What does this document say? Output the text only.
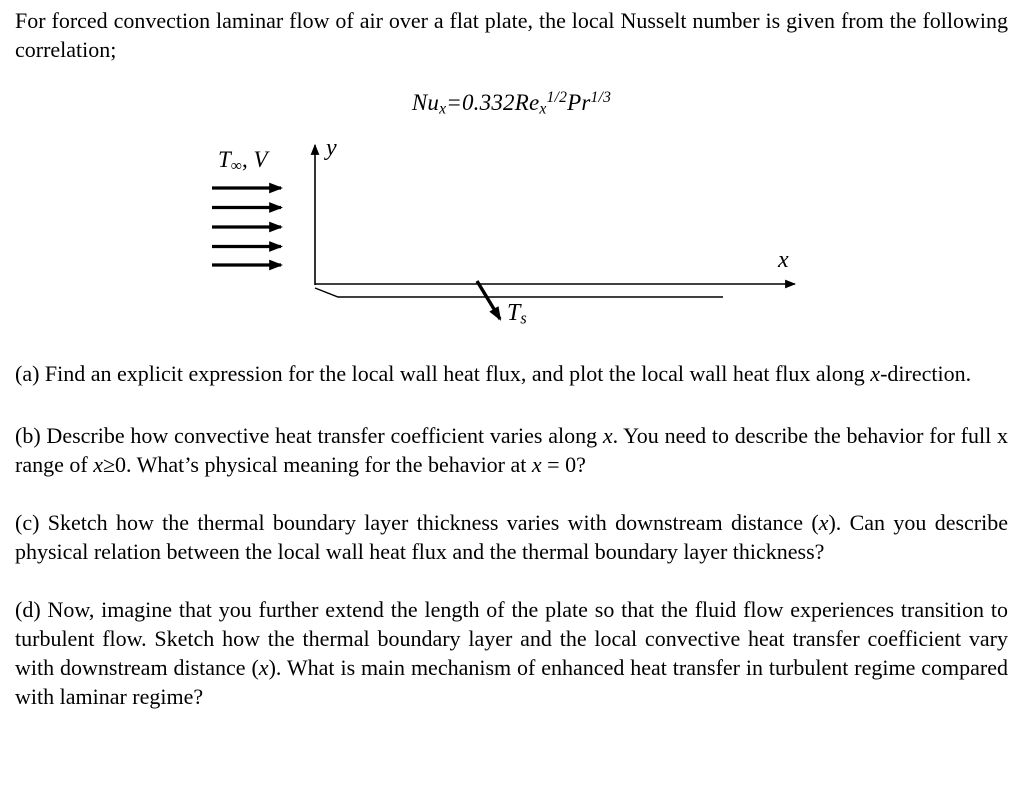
For forced convection laminar flow of air over a flat plate, the local Nusselt number is given from the following correlation;

$Nux=0.332Rex^{1/2}Pr^{1/3}$
T∞, V y
x
Ts

(a) Find an explicit expression for the local wall heat flux, and plot the local wall heat flux along x-direction.

(b) Describe how convective heat transfer coefficient varies along x. You need to describe the behavior for full x range of x≥0. What’s physical meaning for the behavior at x = 0?

(c) Sketch how the thermal boundary layer thickness varies with downstream distance (x). Can you describe physical relation between the local wall heat flux and the thermal boundary layer thickness?

(d) Now, imagine that you further extend the length of the plate so that the fluid flow experiences transition to turbulent flow. Sketch how the thermal boundary layer and the local convective heat transfer coefficient vary with downstream distance (x). What is main mechanism of enhanced heat transfer in turbulent regime compared with laminar regime?
